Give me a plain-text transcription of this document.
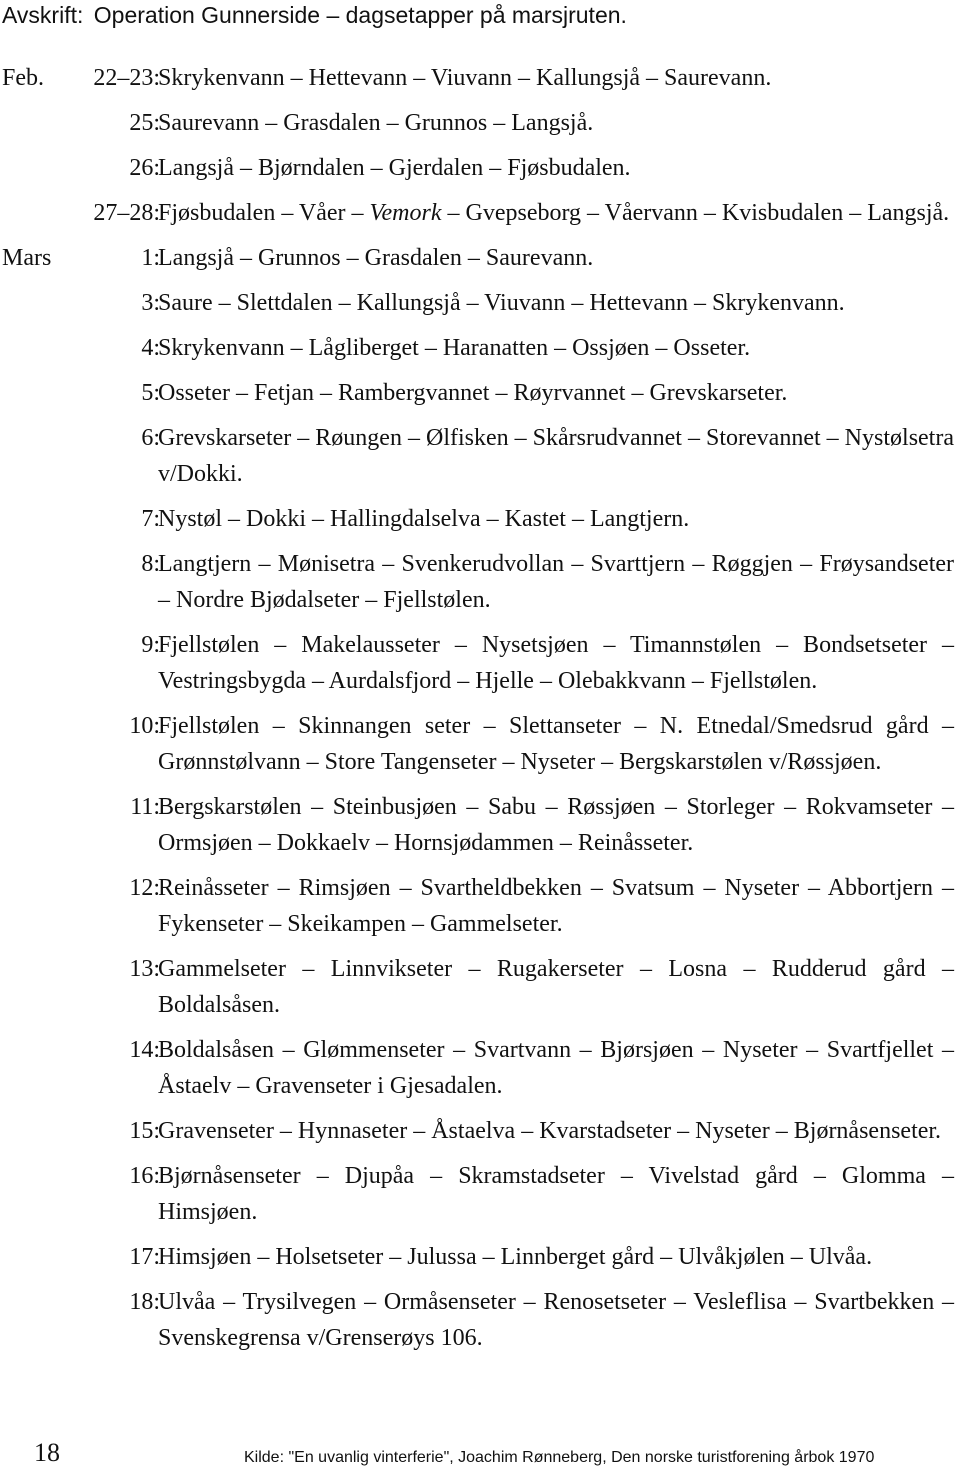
Avskrift: Operation Gunnerside – dagsetapper på marsjruten.
Feb. 22–23:
Skrykenvann – Hettevann – Viuvann – Kallungsjå – Saurevann.
25:
Saurevann – Grasdalen – Grunnos – Langsjå.
26:
Langsjå – Bjørndalen – Gjerdalen – Fjøsbudalen.
27–28:
Fjøsbudalen – Våer – Vemork – Gvepseborg – Våervann – Kvisbudalen – Langsjå.
Mars	1:
Langsjå – Grunnos – Grasdalen – Saurevann.
3:
Saure – Slettdalen – Kallungsjå – Viuvann – Hettevann – Skrykenvann.
4:
Skrykenvann – Lågliberget – Haranatten – Ossjøen – Osseter.
5:
Osseter – Fetjan – Rambergvannet – Røyrvannet – Grevskarseter.
6:
Grevskarseter – Røungen – Ølfisken – Skårsrudvannet – Storevannet – Nystølsetra v/Dokki.
7:
Nystøl – Dokki – Hallingdalselva – Kastet – Langtjern.
8:
Langtjern – Mønisetra – Svenkerudvollan – Svarttjern – Røggjen – Frøysandseter – Nordre Bjødalseter – Fjellstølen.
9:
Fjellstølen – Makelausseter – Nysetsjøen – Timannstølen – Bondsetseter – Vestringsbygda – Aurdalsfjord – Hjelle – Olebakkvann – Fjellstølen.
10:
Fjellstølen – Skinnangen seter – Slettanseter – N. Etnedal/Smedsrud gård – Grønnstølvann – Store Tangenseter – Nyseter – Bergskarstølen v/Røssjøen.
11:
Bergskarstølen – Steinbusjøen – Sabu – Røssjøen – Storleger – Rokvamseter – Ormsjøen – Dokkaelv – Hornsjødammen – Reinåsseter.
12:
Reinåsseter – Rimsjøen – Svartheldbekken – Svatsum – Nyseter – Abbortjern – Fykenseter – Skeikampen – Gammelseter.
13:
Gammelseter – Linnvikseter – Rugakerseter – Losna – Rudderud gård – Boldalsåsen.
14:
Boldalsåsen – Glømmenseter – Svartvann – Bjørsjøen – Nyseter – Svartfjellet – Åstaelv – Gravenseter i Gjesadalen.
15:
Gravenseter – Hynnaseter – Åstaelva – Kvarstadseter – Nyseter – Bjørnåsenseter.
16:
Bjørnåsenseter – Djupåa – Skramstadseter – Vivelstad gård – Glomma – Himsjøen.
17:
Himsjøen – Holsetseter – Julussa – Linnberget gård – Ulvåkjølen – Ulvåa.
18:
Ulvåa – Trysilvegen – Ormåsenseter – Renosetseter – Vesleflisa – Svartbekken – Svenskegrensa v/Grenserøys 106.
18	Kilde: "En uvanlig vinterferie", Joachim Rønneberg, Den norske turistforening årbok 1970
